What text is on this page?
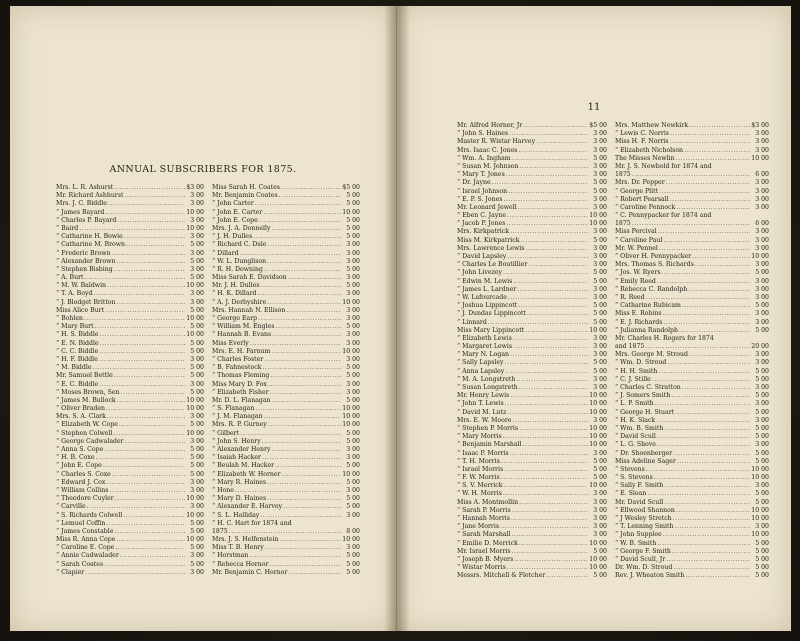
ANNUAL SUBSCRIBERS FOR 1875.
Mrs. L. R. Ashurst .....	$3 00
Mr. Richard Ashhurst .....	3 00
Mrs. J. C. Biddle .....	3 00
“ James Bayard .....	10 00
“ Charles P. Bayard .....	3 00
“ Baird .....	10 00
“ Catharine H. Bowie .....	3 00
“ Catharine M. Brown .....	5 00
“ Frederic Brown .....	3 00
“ Alexander Brown .....	5 00
“ Stephen Bisbing .....	3 00
“ A. Burt .....	5 00
“ M. W. Baldwin .....	10 00
“ T. A. Boyd .....	3 00
“ J. Blodget Britton .....	3 00
Miss Alice Burt .....	5 00
“ Bohlen .....	10 00
“ Mary Burt .....	5 00
“ H. S. Biddle .....	10 00
“ E. N. Biddle .....	5 00
“ C. C. Biddle .....	5 00
“ H. F. Biddle .....	3 00
“ M. Biddle .....	5 00
Mr. Samuel Bettle .....	5 00
“ E. C. Biddle .....	3 00
“ Moses Brown, Sen .....	5 00
“ James M. Bullock .....	10 00
“ Oliver Braden .....	10 00
Mrs. S. A. Clark .....	3 00
“ Elizabeth W. Cope .....	5 00
“ Stephen Colwell .....	10 00
“ George Cadwalader .....	3 00
“ Anna S. Cope .....	5 00
“ H. B. Coxe .....	5 00
“ John E. Cope .....	5 00
“ Charles S. Coxe .....	5 00
“ Edward J. Cox .....	3 00
“ William Collins .....	3 00
“ Theodore Cuyler .....	10 00
“ Carville .....	3 00
“ S. Richards Colwell .....	10 00
“ Lemuel Coffin .....	5 00
“ James Constable .....	5 00
Miss R. Anna Cope .....	10 00
“ Caroline E. Cope .....	5 00
“ Annie Cadwalader .....	3 00
“ Sarah Coates .....	5 00
“ Clapier .....	3 00
Miss Sarah H. Coates .....	$5 00
Mr. Benjamin Coates .....	5 00
“ John Carter .....	5 00
“ John E. Carter .....	10 00
“ John E. Cope .....	5 00
Mrs. J. A. Donnelly .....	5 00
“ J. H. Dulles .....	5 00
“ Richard C. Dale .....	3 00
“ Dillard .....	3 00
“ W. L. Dunglison .....	3 00
“ R. H. Downing .....	5 00
Miss Sarah E. Davidson .....	3 00
Mr. J. H. Dulles .....	5 00
“ H. K. Dillard .....	3 00
“ A. J. Derbyshire .....	10 00
Mrs. Hannah N. Ellison .....	3 00
“ George Earp .....	3 00
“ William M. Engles .....	5 00
“ Hannah B. Evans .....	3 00
Miss Everly .....	3 00
Mrs. E. H. Farnum .....	10 00
“ Charles Foster .....	3 00
“ B. Fahnestock .....	5 00
“ Thomas Fleming .....	5 00
Miss Mary D. Fox .....	3 00
“ Elizabeth Fisher .....	3 00
Mr. D. L. Flanagan .....	5 00
“ S. Flanagan .....	10 00
“ J. M. Flanagan .....	10 00
Mrs. R. P. Gurney .....	10 00
“ Gilbert .....	5 00
“ John S. Henry .....	5 00
“ Alexander Henry .....	3 00
“ Isaiah Hacker .....	3 00
“ Beulah M. Hacker .....	5 00
“ Elizabeth W. Horner .....	10 00
“ Mary R. Haines .....	5 00
“ Hone .....	3 00
“ Mary D. Haines .....	5 00
“ Alexander E. Harvey .....	5 00
“ S. L. Halliday .....	3 00
“ H. C. Hart for 1874 and
1875 .....	8 00
Mrs. J. S. Helfenstein .....	10 00
Miss T. B. Henry .....	3 00
“ Horstman .....	5 00
“ Rebecca Hornor .....	5 00
Mr. Benjamin C. Hornor .....	5 00
11
Mr. Alfred Horner, Jr .....	$5 00
“ John S. Haines .....	3 00
Master R. Wistar Harvey .....	3 00
Mrs. Isaac C. Jones .....	3 00
“ Wm. A. Ingham .....	5 00
“ Susan M. Johnson .....	3 00
“ Mary T. Jones .....	3 00
“ Dr. Jayne .....	5 00
“ Israel Johnson .....	5 00
“ E. P. S. Jones .....	3 00
Mr. Leonard Jewell .....	3 00
“ Eben C. Jayne .....	10 00
“ Jacob P. Jones .....	10 00
Mrs. Kirkpatrick .....	3 00
Miss M. Kirkpatrick .....	5 00
Mrs. Lawrence Lewis .....	3 00
“ David Lapsley .....	3 00
“ Charles Le Boutillier .....	3 00
“ John Livezey .....	5 00
“ Edwin M. Lewis .....	5 00
“ James L. Lardner .....	3 00
“ W. Lafourcade .....	3 00
“ Joshua Lippincott .....	5 00
“ J. Dundas Lippincott .....	5 00
“ Linnard .....	5 00
Miss Mary Lippincott .....	10 00
“ Elizabeth Lewis .....	3 00
“ Margaret Lewis .....	3 00
“ Mary N. Logan .....	3 00
“ Sally Lapsley .....	5 00
“ Anna Lapsley .....	5 00
“ M. A. Longstreth .....	3 00
“ Susan Longstreth .....	3 00
Mr. Henry Lewis .....	10 00
“ John T. Lewis .....	10 00
“ David M. Lutz .....	10 00
Mrs. E. W. Moore .....	3 00
“ Stephen P. Morris .....	10 00
“ Mary Morris .....	10 00
“ Benjamin Marshall .....	10 00
“ Isaac P. Morris .....	3 00
“ T. H. Morris .....	5 00
“ Israel Morris .....	5 00
“ F. W. Morris .....	5 00
“ S. V. Merrick .....	10 00
“ W. H. Morris .....	3 00
Miss A. Montmollin .....	3 00
“ Sarah P. Morris .....	3 00
“ Hannah Morris .....	3 00
“ Jane Morris .....	3 00
“ Sarah Marshall .....	3 00
“ Emilie D. Merrick .....	10 00
Mr. Israel Morris .....	5 00
“ Joseph B. Myers .....	10 00
“ Wistar Morris .....	10 00
Messrs. Mitchell & Fletcher .....	5 00
Mrs. Matthew Newkirk .....	$3 00
“ Lewis C. Norris .....	3 00
Miss H. F. Norris .....	3 00
“ Elizabeth Nicholson .....	3 00
The Misses Newlin .....	10 00
Mr. J. S. Newbold for 1874 and
1875 .....	6 00
Mrs. Dr. Pepper .....	3 00
“ George Plitt .....	3 00
“ Robert Pearsall .....	3 00
“ Caroline Pennock .....	3 00
“ C. Pennypacker for 1874 and
1875 .....	6 00
Miss Percival .....	3 00
“ Caroline Paul .....	3 00
Mr. W. Pennel .....	3 00
“ Oliver H. Pennypacker .....	10 00
Mrs. Thomas S. Richards .....	3 00
“ Jos. W. Ryers .....	5 00
“ Emily Reed .....	3 00
“ Rebecca C. Randolph .....	3 00
“ R. Reed .....	3 00
“ Catharine Rubicam .....	5 00
Miss E. Robins .....	3 00
“ E. J. Richards .....	3 00
“ Julianna Randolph .....	5 00
Mr. Charles H. Rogers for 1874
and 1875 .....	20 00
Mrs. George M. Stroud .....	3 00
“ Wm. D. Stroud .....	3 00
“ H. H. Smith .....	5 00
“ C. J. Stille .....	5 00
“ Charles C. Stratton .....	3 00
“ J. Somers Smith .....	5 00
“ L. P. Smith .....	3 00
“ George H. Stuart .....	5 00
“ H. K. Slack .....	3 00
“ Wm. B. Smith .....	5 00
“ David Scull .....	5 00
“ L. G. Shove .....	3 00
“ Dr. Shoenberger .....	5 00
Miss Adeline Sager .....	5 00
“ Stevens .....	10 00
“ S. Stevens .....	10 00
“ Sally F. Smith .....	3 00
“ E. Sloan .....	5 00
Mr. David Scull .....	5 00
“ Ellwood Shannon .....	10 00
“ J Wesley Stretch .....	10 00
“ T. Lenning Smith .....	3 00
“ John Supplee .....	10 00
“ W. B. Smith .....	5 00
“ George F. Smith .....	5 00
“ David Scull, Jr .....	5 00
Dr. Wm. D. Stroud .....	5 00
Rev. J. Wheaton Smith .....	5 00
